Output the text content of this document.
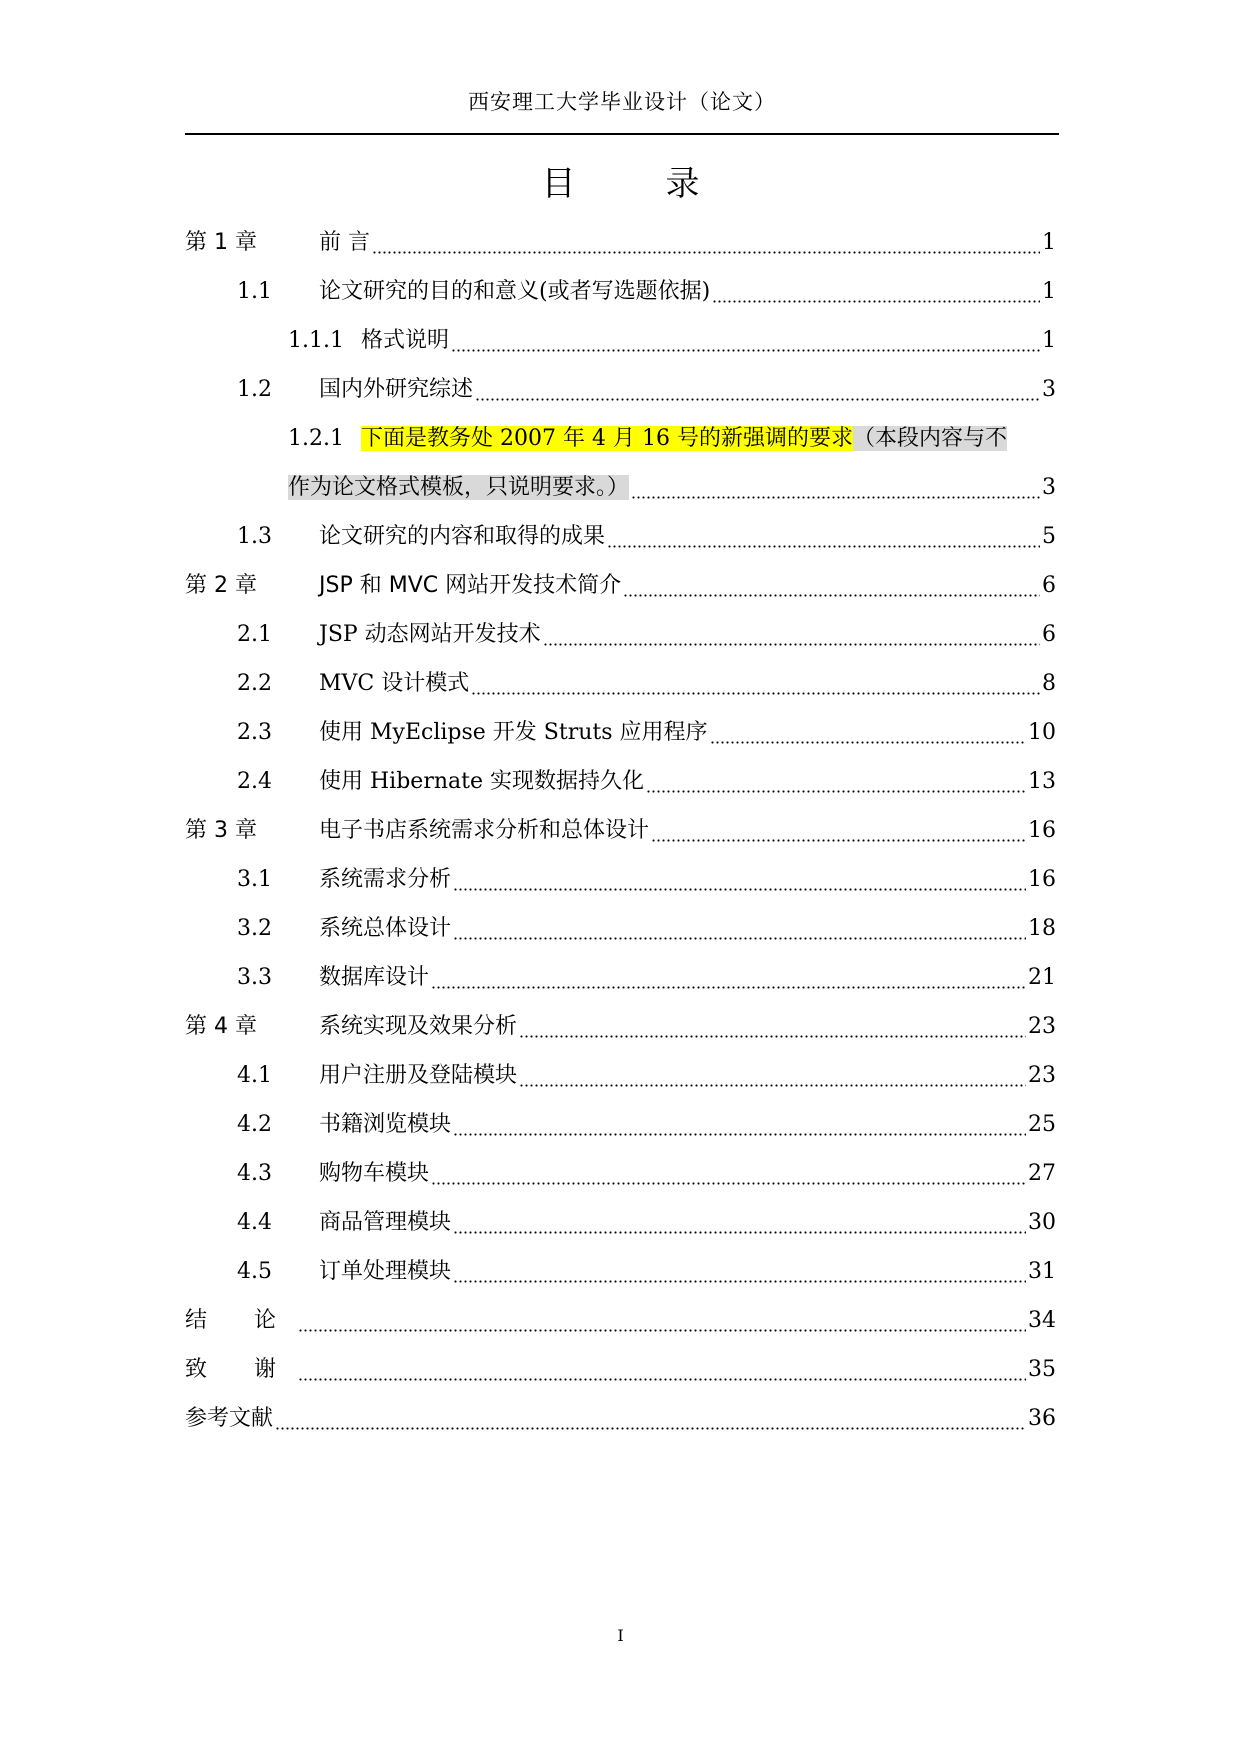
西安理工大学毕业设计（论文）
目　录
第 1 章	前 言	1
1.1	论文研究的目的和意义(或者写选题依据)	1
1.1.1 格式说明	1
1.2	国内外研究综述	3
1.2.1 下面是教务处 2007 年 4 月 16 号的新强调的要求（本段内容与不
作为论文格式模板，只说明要求。）	3
1.3	论文研究的内容和取得的成果	5
第 2 章	JSP 和 MVC 网站开发技术简介	6
2.1	JSP 动态网站开发技术	6
2.2	MVC 设计模式	8
2.3	使用 MyEclipse 开发 Struts 应用程序	10
2.4	使用 Hibernate 实现数据持久化	13
第 3 章	电子书店系统需求分析和总体设计	16
3.1	系统需求分析	16
3.2	系统总体设计	18
3.3	数据库设计	21
第 4 章	系统实现及效果分析	23
4.1	用户注册及登陆模块	23
4.2	书籍浏览模块	25
4.3	购物车模块	27
4.4	商品管理模块	30
4.5	订单处理模块	31
结 论	34
致 谢	35
参考文献	36
I
